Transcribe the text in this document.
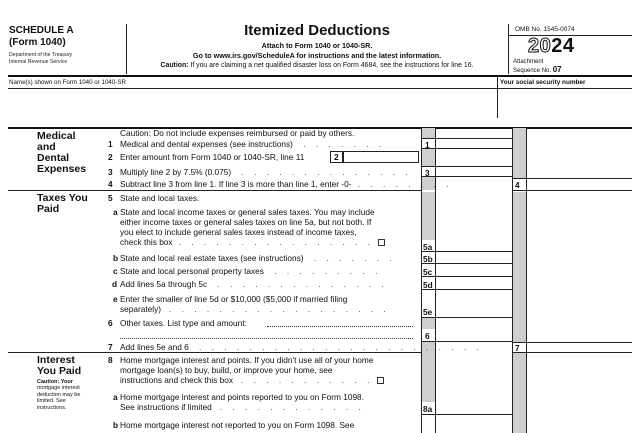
SCHEDULE A
(Form 1040)
Department of the Treasury
Internal Revenue Service
Itemized Deductions
Attach to Form 1040 or 1040-SR.
Go to www.irs.gov/ScheduleA for instructions and the latest information.
Caution: If you are claiming a net qualified disaster loss on Form 4684, see the instructions for line 16.
OMB No. 1545-0074
2024
Attachment
Sequence No. 07
Name(s) shown on Form 1040 or 1040-SR	Your social security number
Medical
and
Dental
Expenses
Caution: Do not include expenses reimbursed or paid by others.
1 Medical and dental expenses (see instructions) . . . . . . .	1
2 Enter amount from Form 1040 or 1040-SR, line 11	2
3 Multiply line 2 by 7.5% (0.075) . . . . . . . . . . . . . . 3
4 Subtract line 3 from line 1. If line 3 is more than line 1, enter -0- . . . . . . . .	4
Taxes You
Paid
5 State and local taxes.
a State and local income taxes or general sales taxes. You may include
either income taxes or general sales taxes on line 5a, but not both. If
you elect to include general sales taxes instead of income taxes,
check this box . . . . . . . . . . . . . . . .	5a
b State and local real estate taxes (see instructions) . . . . . . .	5b
c State and local personal property taxes . . . . . . . . .	5c
d Add lines 5a through 5c . . . . . . . . . . . . . .	5d
e Enter the smaller of line 5d or $10,000 ($5,000 if married filing
separately) . . . . . . . . . . . . . . . . . .	5e
6 Other taxes. List type and amount:
6
7 Add lines 5e and 6 . . . . . . . . . . . . . . . . . . . . . . .	7
Interest
You Paid
Caution: Your
mortgage interest
deduction may be
limited. See
instructions.
8 Home mortgage interest and points. If you didn't use all of your home
mortgage loan(s) to buy, build, or improve your home, see
instructions and check this box . . . . . . . . . . .
a Home mortgage interest and points reported to you on Form 1098.
See instructions if limited . . . . . . . . . . . .	8a
b Home mortgage interest not reported to you on Form 1098. See
